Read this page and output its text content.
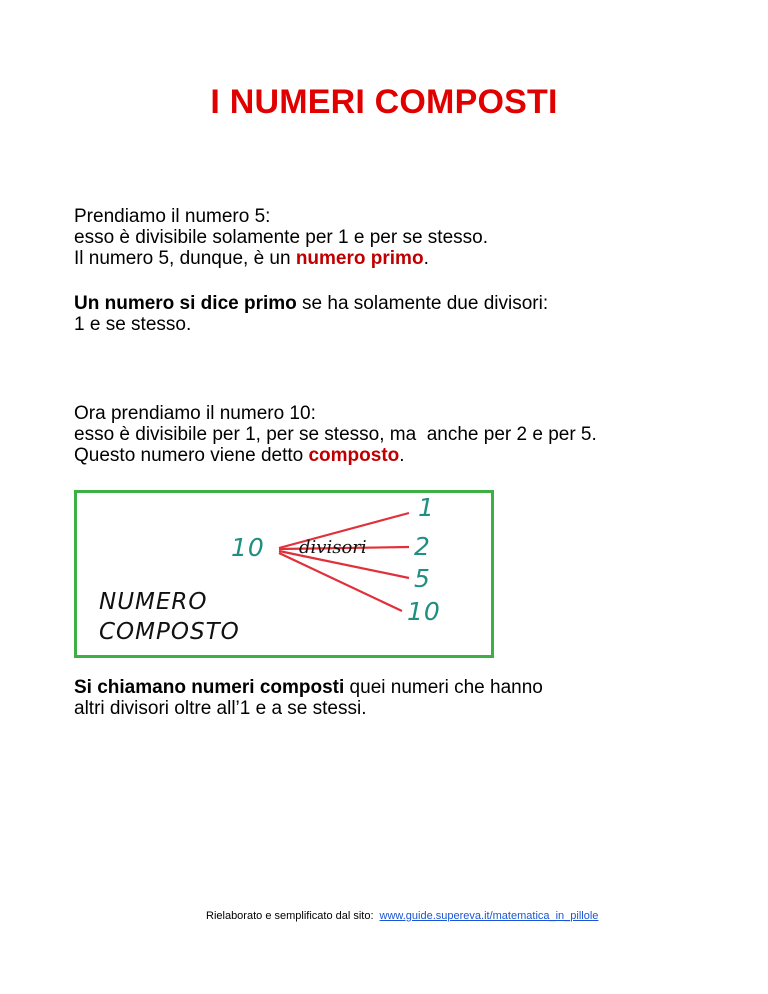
I NUMERI COMPOSTI
Prendiamo il numero 5:
esso è divisibile solamente per 1 e per se stesso.
Il numero 5, dunque, è un numero primo.
Un numero si dice primo se ha solamente due divisori:
1 e se stesso.
Ora prendiamo il numero 10:
esso è divisibile per 1, per se stesso, ma  anche per 2 e per 5.
Questo numero viene detto composto.
10 divisori
1
2
5
10
NUMERO
COMPOSTO
Si chiamano numeri composti quei numeri che hanno
altri divisori oltre all’1 e a se stessi.
Rielaborato e semplificato dal sito: www.guide.supereva.it/matematica_in_pillole
